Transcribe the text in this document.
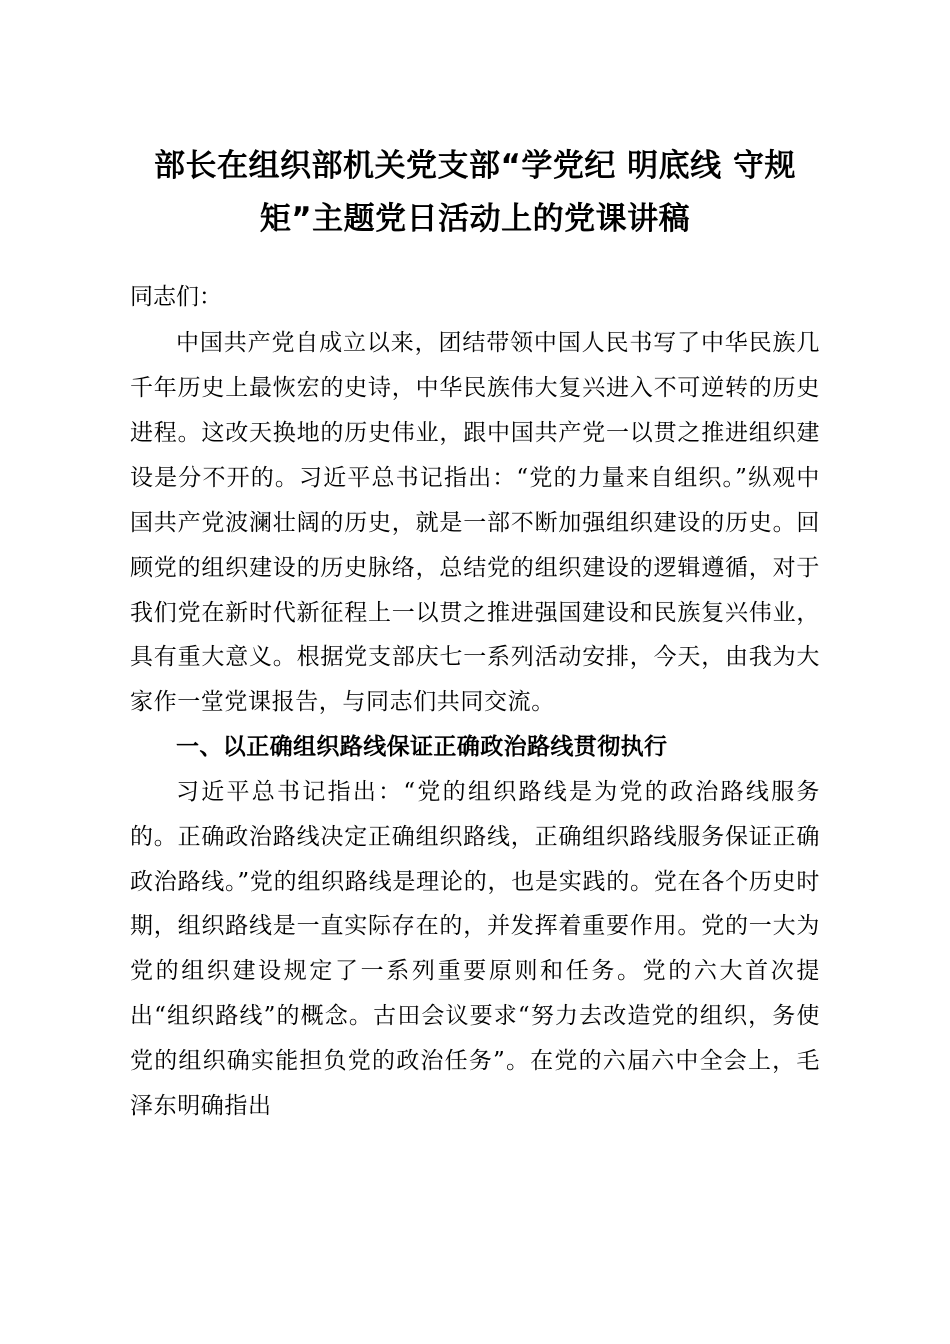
部长在组织部机关党支部“学党纪 明底线 守规矩”主题党日活动上的党课讲稿
同志们：

中国共产党自成立以来，团结带领中国人民书写了中华民族几千年历史上最恢宏的史诗，中华民族伟大复兴进入不可逆转的历史进程。这改天换地的历史伟业，跟中国共产党一以贯之推进组织建设是分不开的。习近平总书记指出：“党的力量来自组织。”纵观中国共产党波澜壮阔的历史，就是一部不断加强组织建设的历史。回顾党的组织建设的历史脉络，总结党的组织建设的逻辑遵循，对于我们党在新时代新征程上一以贯之推进强国建设和民族复兴伟业，具有重大意义。根据党支部庆七一系列活动安排，今天，由我为大家作一堂党课报告，与同志们共同交流。

一、以正确组织路线保证正确政治路线贯彻执行

习近平总书记指出：“党的组织路线是为党的政治路线服务的。正确政治路线决定正确组织路线，正确组织路线服务保证正确政治路线。”党的组织路线是理论的，也是实践的。党在各个历史时期，组织路线是一直实际存在的，并发挥着重要作用。党的一大为党的组织建设规定了一系列重要原则和任务。党的六大首次提出“组织路线”的概念。古田会议要求“努力去改造党的组织，务使党的组织确实能担负党的政治任务”。在党的六届六中全会上，毛泽东明确指出
